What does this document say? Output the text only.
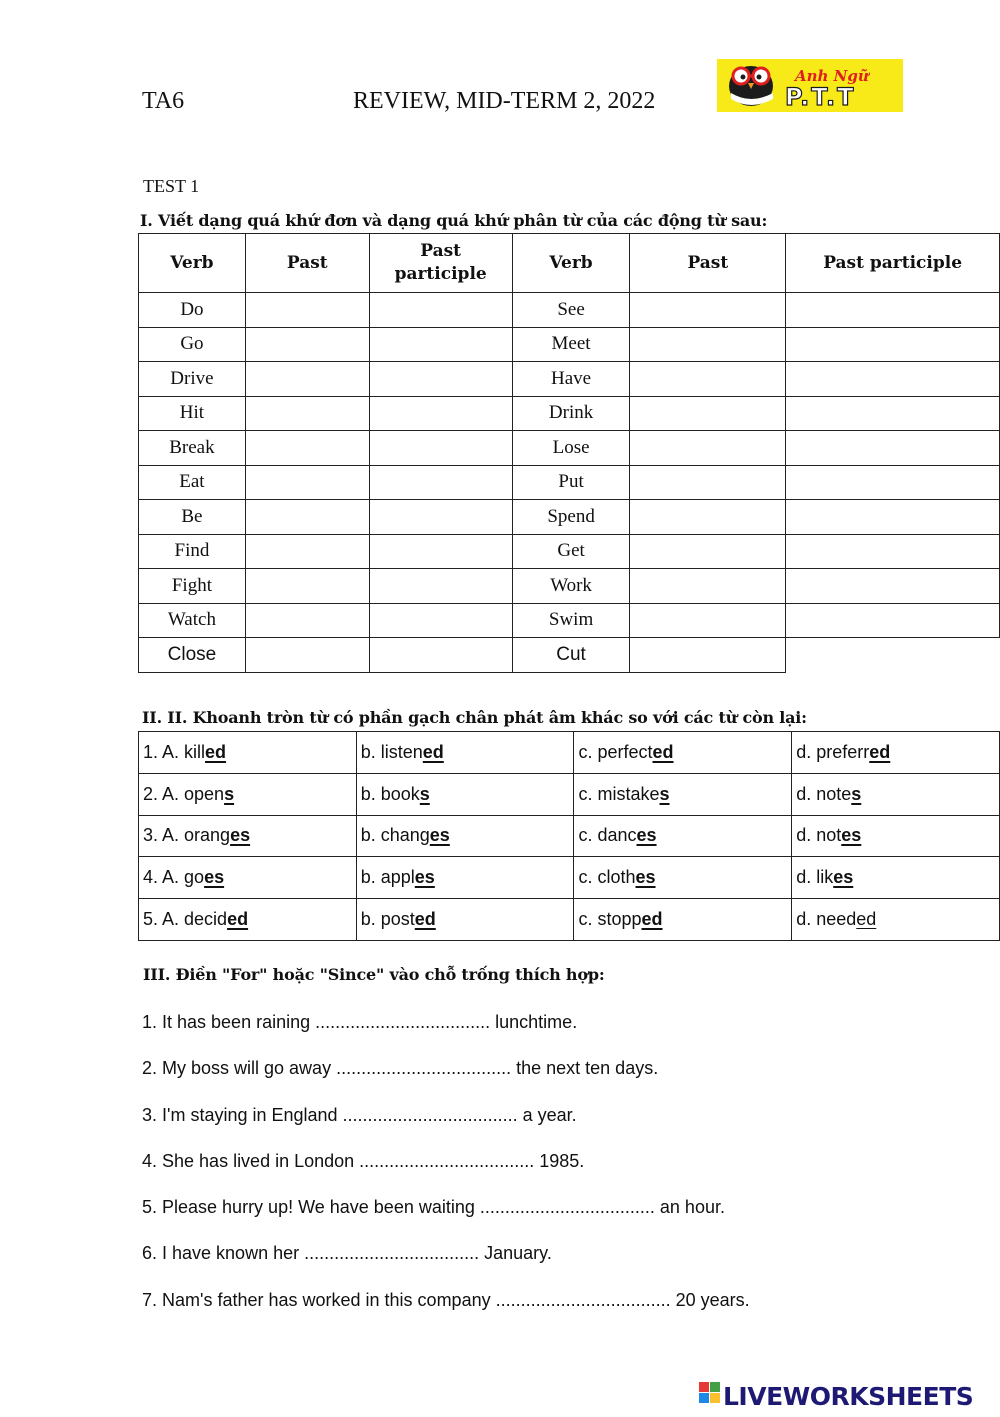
TA6	REVIEW, MID-TERM 2, 2022
Anh Ngữ
P.T.T
TEST 1
I. Viết dạng quá khứ đơn và dạng quá khứ phân từ của các động từ sau:
Verb	Past	Past participle	Verb	Past	Past participle
Do			See		
Go			Meet		
Drive			Have		
Hit			Drink		
Break			Lose		
Eat			Put		
Be			Spend		
Find			Get		
Fight			Work		
Watch			Swim		
Close			Cut		
II. II. Khoanh tròn từ có phần gạch chân phát âm khác so với các từ còn lại:
1. A. killed	b. listened	c. perfected	d. preferred
2. A. opens	b. books	c. mistakes	d. notes
3. A. oranges	b. changes	c. dances	d. notes
4. A. goes	b. apples	c. clothes	d. likes
5. A. decided	b. posted	c. stopped	d. needed
III. Điền "For" hoặc "Since" vào chỗ trống thích hợp:
1. It has been raining ................................... lunchtime.
2. My boss will go away ................................... the next ten days.
3. I'm staying in England ................................... a year.
4. She has lived in London ................................... 1985.
5. Please hurry up! We have been waiting ................................... an hour.
6. I have known her ................................... January.
7. Nam's father has worked in this company ................................... 20 years.
LIVEWORKSHEETS
